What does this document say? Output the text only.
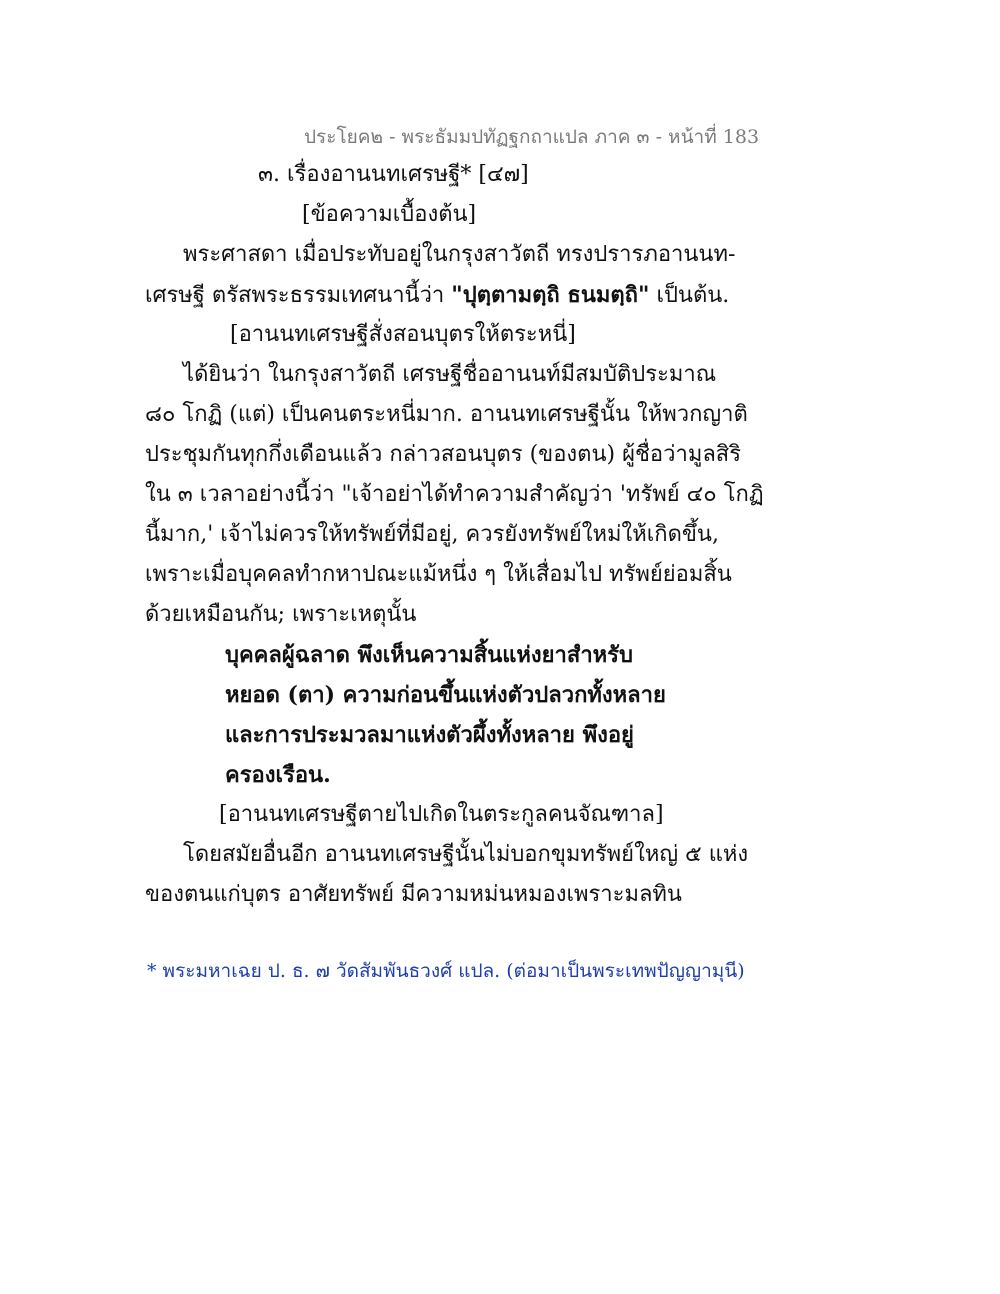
ประโยค๒ - พระธัมมปทัฏฐกถาแปล ภาค ๓ - หน้าที่ 183
๓. เรื่องอานนทเศรษฐี* [๔๗]
[ข้อความเบื้องต้น]
พระศาสดา เมื่อประทับอยู่ในกรุงสาวัตถี ทรงปรารภอานนท-
เศรษฐี ตรัสพระธรรมเทศนานี้ว่า "ปุตฺตามตฺถิ ธนมตฺถิ" เป็นต้น.
[อานนทเศรษฐีสั่งสอนบุตรให้ตระหนี่]
ได้ยินว่า ในกรุงสาวัตถี เศรษฐีชื่ออานนท์มีสมบัติประมาณ
๘๐ โกฏิ (แต่) เป็นคนตระหนี่มาก. อานนทเศรษฐีนั้น ให้พวกญาติ
ประชุมกันทุกกึ่งเดือนแล้ว กล่าวสอนบุตร (ของตน) ผู้ชื่อว่ามูลสิริ
ใน ๓ เวลาอย่างนี้ว่า "เจ้าอย่าได้ทำความสำคัญว่า 'ทรัพย์ ๔๐ โกฏิ
นี้มาก,' เจ้าไม่ควรให้ทรัพย์ที่มีอยู่, ควรยังทรัพย์ใหม่ให้เกิดขึ้น,
เพราะเมื่อบุคคลทำกหาปณะแม้หนึ่ง ๆ ให้เสื่อมไป ทรัพย์ย่อมสิ้น
ด้วยเหมือนกัน; เพราะเหตุนั้น
บุคคลผู้ฉลาด พึงเห็นความสิ้นแห่งยาสำหรับ
หยอด (ตา) ความก่อนขึ้นแห่งตัวปลวกทั้งหลาย
และการประมวลมาแห่งตัวผึ้งทั้งหลาย พึงอยู่
ครองเรือน.
[อานนทเศรษฐีตายไปเกิดในตระกูลคนจัณฑาล]
โดยสมัยอื่นอีก อานนทเศรษฐีนั้นไม่บอกขุมทรัพย์ใหญ่ ๕ แห่ง
ของตนแก่บุตร อาศัยทรัพย์ มีความหม่นหมองเพราะมลทิน
* พระมหาเฉย ป. ธ. ๗ วัดสัมพันธวงศ์ แปล. (ต่อมาเป็นพระเทพปัญญามุนี)
